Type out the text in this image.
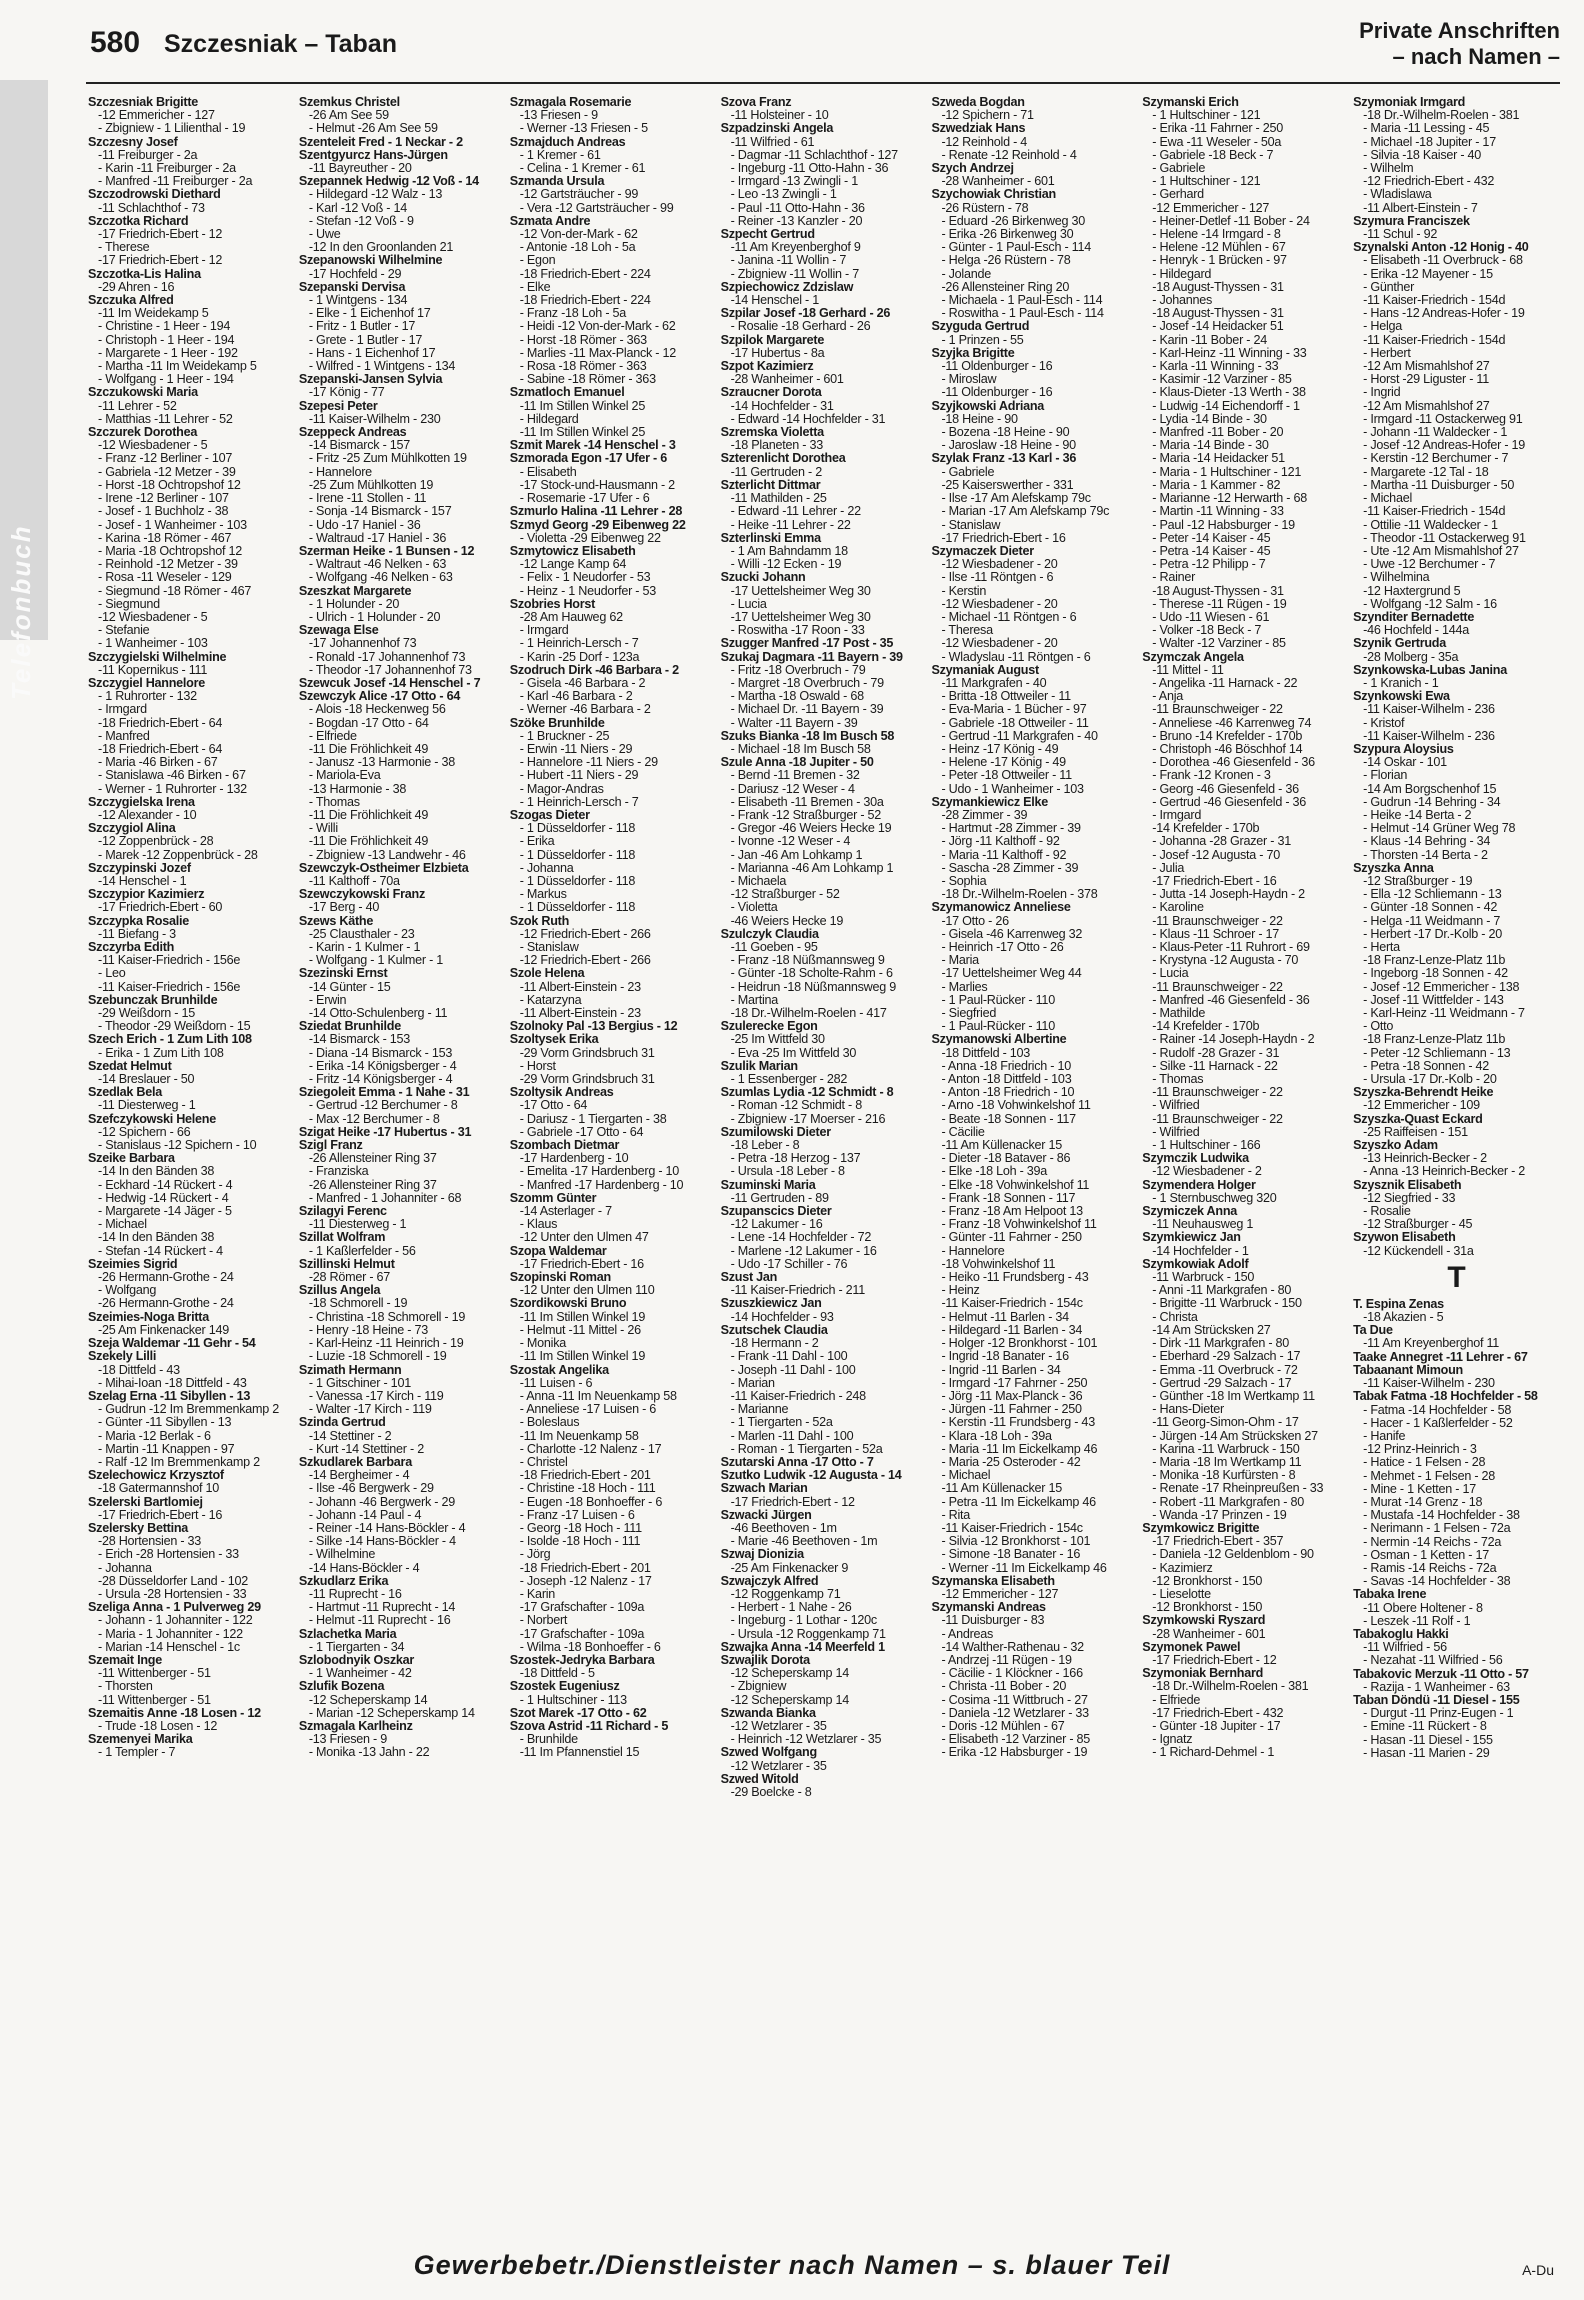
580 Szczesniak – Taban	Private Anschriften
– nach Namen –
Telefonbuch
Szczesniak Brigitte
-12 Emmericher - 127
- Zbigniew - 1 Lilienthal - 19
Szczesny Josef
-11 Freiburger - 2a
- Karin -11 Freiburger - 2a
- Manfred -11 Freiburger - 2a
Szczodrowski Diethard
-11 Schlachthof - 73
Szczotka Richard
-17 Friedrich-Ebert - 12
- Therese
-17 Friedrich-Ebert - 12
Szczotka-Lis Halina
-29 Ahren - 16
Szczuka Alfred
-11 Im Weidekamp 5
- Christine - 1 Heer - 194
- Christoph - 1 Heer - 194
- Margarete - 1 Heer - 192
- Martha -11 Im Weidekamp 5
- Wolfgang - 1 Heer - 194
Szczukowski Maria
-11 Lehrer - 52
- Matthias -11 Lehrer - 52
Szczurek Dorothea
-12 Wiesbadener - 5
- Franz -12 Berliner - 107
- Gabriela -12 Metzer - 39
- Horst -18 Ochtropshof 12
- Irene -12 Berliner - 107
- Josef - 1 Buchholz - 38
- Josef - 1 Wanheimer - 103
- Karina -18 Römer - 467
- Maria -18 Ochtropshof 12
- Reinhold -12 Metzer - 39
- Rosa -11 Weseler - 129
- Siegmund -18 Römer - 467
- Siegmund
-12 Wiesbadener - 5
- Stefanie
- 1 Wanheimer - 103
Szczygielski Wilhelmine
-11 Kopernikus - 111
Szczygiel Hannelore
- 1 Ruhrorter - 132
- Irmgard
-18 Friedrich-Ebert - 64
- Manfred
-18 Friedrich-Ebert - 64
- Maria -46 Birken - 67
- Stanislawa -46 Birken - 67
- Werner - 1 Ruhrorter - 132
Szczygielska Irena
-12 Alexander - 10
Szczygiol Alina
-12 Zoppenbrück - 28
- Marek -12 Zoppenbrück - 28
Szczypinski Jozef
-14 Henschel - 1
Szczypior Kazimierz
-17 Friedrich-Ebert - 60
Szczypka Rosalie
-11 Biefang - 3
Szczyrba Edith
-11 Kaiser-Friedrich - 156e
- Leo
-11 Kaiser-Friedrich - 156e
Szebunczak Brunhilde
-29 Weißdorn - 15
- Theodor -29 Weißdorn - 15
Szech Erich - 1 Zum Lith 108
- Erika - 1 Zum Lith 108
Szedat Helmut
-14 Breslauer - 50
Szedlak Bela
-11 Diesterweg - 1
Szefczykowski Helene
-12 Spichern - 66
- Stanislaus -12 Spichern - 10
Szeike Barbara
-14 In den Bänden 38
- Eckhard -14 Rückert - 4
- Hedwig -14 Rückert - 4
- Margarete -14 Jäger - 5
- Michael
-14 In den Bänden 38
- Stefan -14 Rückert - 4
Szeimies Sigrid
-26 Hermann-Grothe - 24
- Wolfgang
-26 Hermann-Grothe - 24
Szeimies-Noga Britta
-25 Am Finkenacker 149
Szeja Waldemar -11 Gehr - 54
Szekely Lilli
-18 Dittfeld - 43
- Mihai-Ioan -18 Dittfeld - 43
Szelag Erna -11 Sibyllen - 13
- Gudrun -12 Im Bremmenkamp 2
- Günter -11 Sibyllen - 13
- Maria -12 Berlak - 6
- Martin -11 Knappen - 97
- Ralf -12 Im Bremmenkamp 2
Szelechowicz Krzysztof
-18 Gatermannshof 10
Szelerski Bartlomiej
-17 Friedrich-Ebert - 16
Szelersky Bettina
-28 Hortensien - 33
- Erich -28 Hortensien - 33
- Johanna
-28 Düsseldorfer Land - 102
- Ursula -28 Hortensien - 33
Szeliga Anna - 1 Pulverweg 29
- Johann - 1 Johanniter - 122
- Maria - 1 Johanniter - 122
- Marian -14 Henschel - 1c
Szemait Inge
-11 Wittenberger - 51
- Thorsten
-11 Wittenberger - 51
Szemaitis Anne -18 Losen - 12
- Trude -18 Losen - 12
Szemenyei Marika
- 1 Templer - 7
Szemkus Christel
-26 Am See 59
- Helmut -26 Am See 59
Szenteleit Fred - 1 Neckar - 2
Szentgyurcz Hans-Jürgen
-11 Bayreuther - 20
Szepannek Hedwig -12 Voß - 14
- Hildegard -12 Walz - 13
- Karl -12 Voß - 14
- Stefan -12 Voß - 9
- Uwe
-12 In den Groonlanden 21
Szepanowski Wilhelmine
-17 Hochfeld - 29
Szepanski Dervisa
- 1 Wintgens - 134
- Elke - 1 Eichenhof 17
- Fritz - 1 Butler - 17
- Grete - 1 Butler - 17
- Hans - 1 Eichenhof 17
- Wilfred - 1 Wintgens - 134
Szepanski-Jansen Sylvia
-17 König - 77
Szepesi Peter
-11 Kaiser-Wilhelm - 230
Szeppeck Andreas
-14 Bismarck - 157
- Fritz -25 Zum Mühlkotten 19
- Hannelore
-25 Zum Mühlkotten 19
- Irene -11 Stollen - 11
- Sonja -14 Bismarck - 157
- Udo -17 Haniel - 36
- Waltraud -17 Haniel - 36
Szerman Heike - 1 Bunsen - 12
- Waltraut -46 Nelken - 63
- Wolfgang -46 Nelken - 63
Szeszkat Margarete
- 1 Holunder - 20
- Ulrich - 1 Holunder - 20
Szewaga Else
-17 Johannenhof 73
- Ronald -17 Johannenhof 73
- Theodor -17 Johannenhof 73
Szewcuk Josef -14 Henschel - 7
Szewczyk Alice -17 Otto - 64
- Alois -18 Heckenweg 56
- Bogdan -17 Otto - 64
- Elfriede
-11 Die Fröhlichkeit 49
- Janusz -13 Harmonie - 38
- Mariola-Eva
-13 Harmonie - 38
- Thomas
-11 Die Fröhlichkeit 49
- Willi
-11 Die Fröhlichkeit 49
- Zbigniew -13 Landwehr - 46
Szewczyk-Ostheimer Elzbieta
-11 Kalthoff - 70a
Szewczykowski Franz
-17 Berg - 40
Szews Käthe
-25 Clausthaler - 23
- Karin - 1 Kulmer - 1
- Wolfgang - 1 Kulmer - 1
Szezinski Ernst
-14 Günter - 15
- Erwin
-14 Otto-Schulenberg - 11
Sziedat Brunhilde
-14 Bismarck - 153
- Diana -14 Bismarck - 153
- Erika -14 Königsberger - 4
- Fritz -14 Königsberger - 4
Sziegoleit Emma - 1 Nahe - 31
- Gertrud -12 Berchumer - 8
- Max -12 Berchumer - 8
Szigat Heike -17 Hubertus - 31
Szigl Franz
-26 Allensteiner Ring 37
- Franziska
-26 Allensteiner Ring 37
- Manfred - 1 Johanniter - 68
Szilagyi Ferenc
-11 Diesterweg - 1
Szillat Wolfram
- 1 Kaßlerfelder - 56
Szillinski Helmut
-28 Römer - 67
Szillus Angela
-18 Schmorell - 19
- Christina -18 Schmorell - 19
- Henry -18 Heine - 73
- Karl-Heinz -11 Heinrich - 19
- Luzie -18 Schmorell - 19
Szimath Hermann
- 1 Gitschiner - 101
- Vanessa -17 Kirch - 119
- Walter -17 Kirch - 119
Szinda Gertrud
-14 Stettiner - 2
- Kurt -14 Stettiner - 2
Szkudlarek Barbara
-14 Bergheimer - 4
- Ilse -46 Bergwerk - 29
- Johann -46 Bergwerk - 29
- Johann -14 Paul - 4
- Reiner -14 Hans-Böckler - 4
- Silke -14 Hans-Böckler - 4
- Wilhelmine
-14 Hans-Böckler - 4
Szkudlarz Erika
-11 Ruprecht - 16
- Hartmut -11 Ruprecht - 14
- Helmut -11 Ruprecht - 16
Szlachetka Maria
- 1 Tiergarten - 34
Szlobodnyik Oszkar
- 1 Wanheimer - 42
Szlufik Bozena
-12 Scheperskamp 14
- Marian -12 Scheperskamp 14
Szmagala Karlheinz
-13 Friesen - 9
- Monika -13 Jahn - 22
Szmagala Rosemarie
-13 Friesen - 9
- Werner -13 Friesen - 5
Szmajduch Andreas
- 1 Kremer - 61
- Celina - 1 Kremer - 61
Szmanda Ursula
-12 Gartsträucher - 99
- Vera -12 Gartsträucher - 99
Szmata Andre
-12 Von-der-Mark - 62
- Antonie -18 Loh - 5a
- Egon
-18 Friedrich-Ebert - 224
- Elke
-18 Friedrich-Ebert - 224
- Franz -18 Loh - 5a
- Heidi -12 Von-der-Mark - 62
- Horst -18 Römer - 363
- Marlies -11 Max-Planck - 12
- Rosa -18 Römer - 363
- Sabine -18 Römer - 363
Szmatloch Emanuel
-11 Im Stillen Winkel 25
- Hildegard
-11 Im Stillen Winkel 25
Szmit Marek -14 Henschel - 3
Szmorada Egon -17 Ufer - 6
- Elisabeth
-17 Stock-und-Hausmann - 2
- Rosemarie -17 Ufer - 6
Szmurlo Halina -11 Lehrer - 28
Szmyd Georg -29 Eibenweg 22
- Violetta -29 Eibenweg 22
Szmytowicz Elisabeth
-12 Lange Kamp 64
- Felix - 1 Neudorfer - 53
- Heinz - 1 Neudorfer - 53
Szobries Horst
-28 Am Hauweg 62
- Irmgard
- 1 Heinrich-Lersch - 7
- Karin -25 Dorf - 123a
Szodruch Dirk -46 Barbara - 2
- Gisela -46 Barbara - 2
- Karl -46 Barbara - 2
- Werner -46 Barbara - 2
Szöke Brunhilde
- 1 Bruckner - 25
- Erwin -11 Niers - 29
- Hannelore -11 Niers - 29
- Hubert -11 Niers - 29
- Magor-Andras
- 1 Heinrich-Lersch - 7
Szogas Dieter
- 1 Düsseldorfer - 118
- Erika
- 1 Düsseldorfer - 118
- Johanna
- 1 Düsseldorfer - 118
- Markus
- 1 Düsseldorfer - 118
Szok Ruth
-12 Friedrich-Ebert - 266
- Stanislaw
-12 Friedrich-Ebert - 266
Szole Helena
-11 Albert-Einstein - 23
- Katarzyna
-11 Albert-Einstein - 23
Szolnoky Pal -13 Bergius - 12
Szoltysek Erika
-29 Vorm Grindsbruch 31
- Horst
-29 Vorm Grindsbruch 31
Szoltysik Andreas
-17 Otto - 64
- Dariusz - 1 Tiergarten - 38
- Gabriele -17 Otto - 64
Szombach Dietmar
-17 Hardenberg - 10
- Emelita -17 Hardenberg - 10
- Manfred -17 Hardenberg - 10
Szomm Günter
-14 Asterlager - 7
- Klaus
-12 Unter den Ulmen 47
Szopa Waldemar
-17 Friedrich-Ebert - 16
Szopinski Roman
-12 Unter den Ulmen 110
Szordikowski Bruno
-11 Im Stillen Winkel 19
- Helmut -11 Mittel - 26
- Monika
-11 Im Stillen Winkel 19
Szostak Angelika
-11 Luisen - 6
- Anna -11 Im Neuenkamp 58
- Anneliese -17 Luisen - 6
- Boleslaus
-11 Im Neuenkamp 58
- Charlotte -12 Nalenz - 17
- Christel
-18 Friedrich-Ebert - 201
- Christine -18 Hoch - 111
- Eugen -18 Bonhoeffer - 6
- Franz -17 Luisen - 6
- Georg -18 Hoch - 111
- Isolde -18 Hoch - 111
- Jörg
-18 Friedrich-Ebert - 201
- Joseph -12 Nalenz - 17
- Karin
-17 Grafschafter - 109a
- Norbert
-17 Grafschafter - 109a
- Wilma -18 Bonhoeffer - 6
Szostek-Jedryka Barbara
-18 Dittfeld - 5
Szostek Eugeniusz
- 1 Hultschiner - 113
Szot Marek -17 Otto - 62
Szova Astrid -11 Richard - 5
- Brunhilde
-11 Im Pfannenstiel 15
Szova Franz
-11 Holsteiner - 10
Szpadzinski Angela
-11 Wilfried - 61
- Dagmar -11 Schlachthof - 127
- Ingeburg -11 Otto-Hahn - 36
- Irmgard -13 Zwingli - 1
- Leo -13 Zwingli - 1
- Paul -11 Otto-Hahn - 36
- Reiner -13 Kanzler - 20
Szpecht Gertrud
-11 Am Kreyenberghof 9
- Janina -11 Wollin - 7
- Zbigniew -11 Wollin - 7
Szpiechowicz Zdzislaw
-14 Henschel - 1
Szpilar Josef -18 Gerhard - 26
- Rosalie -18 Gerhard - 26
Szpilok Margarete
-17 Hubertus - 8a
Szpot Kazimierz
-28 Wanheimer - 601
Szraucner Dorota
-14 Hochfelder - 31
- Edward -14 Hochfelder - 31
Szremska Violetta
-18 Planeten - 33
Szterenlicht Dorothea
-11 Gertruden - 2
Szterlicht Dittmar
-11 Mathilden - 25
- Edward -11 Lehrer - 22
- Heike -11 Lehrer - 22
Szterlinski Emma
- 1 Am Bahndamm 18
- Willi -12 Ecken - 19
Szucki Johann
-17 Uettelsheimer Weg 30
- Lucia
-17 Uettelsheimer Weg 30
- Roswitha -17 Roon - 33
Szugger Manfred -17 Post - 35
Szukaj Dagmara -11 Bayern - 39
- Fritz -18 Overbruch - 79
- Margret -18 Overbruch - 79
- Martha -18 Oswald - 68
- Michael Dr. -11 Bayern - 39
- Walter -11 Bayern - 39
Szuks Bianka -18 Im Busch 58
- Michael -18 Im Busch 58
Szule Anna -18 Jupiter - 50
- Bernd -11 Bremen - 32
- Dariusz -12 Weser - 4
- Elisabeth -11 Bremen - 30a
- Frank -12 Straßburger - 52
- Gregor -46 Weiers Hecke 19
- Ivonne -12 Weser - 4
- Jan -46 Am Lohkamp 1
- Marianna -46 Am Lohkamp 1
- Michaela
-12 Straßburger - 52
- Violetta
-46 Weiers Hecke 19
Szulczyk Claudia
-11 Goeben - 95
- Franz -18 Nüßmannsweg 9
- Günter -18 Scholte-Rahm - 6
- Heidrun -18 Nüßmannsweg 9
- Martina
-18 Dr.-Wilhelm-Roelen - 417
Szulerecke Egon
-25 Im Wittfeld 30
- Eva -25 Im Wittfeld 30
Szulik Marian
- 1 Essenberger - 282
Szumlas Lydia -12 Schmidt - 8
- Roman -12 Schmidt - 8
- Zbigniew -17 Moerser - 216
Szumilowski Dieter
-18 Leber - 8
- Petra -18 Herzog - 137
- Ursula -18 Leber - 8
Szuminski Maria
-11 Gertruden - 89
Szupanscics Dieter
-12 Lakumer - 16
- Lene -14 Hochfelder - 72
- Marlene -12 Lakumer - 16
- Udo -17 Schiller - 76
Szust Jan
-11 Kaiser-Friedrich - 211
Szuszkiewicz Jan
-14 Hochfelder - 93
Szutschek Claudia
-18 Hermann - 2
- Frank -11 Dahl - 100
- Joseph -11 Dahl - 100
- Marian
-11 Kaiser-Friedrich - 248
- Marianne
- 1 Tiergarten - 52a
- Marlen -11 Dahl - 100
- Roman - 1 Tiergarten - 52a
Szutarski Anna -17 Otto - 7
Szutko Ludwik -12 Augusta - 14
Szwach Marian
-17 Friedrich-Ebert - 12
Szwacki Jürgen
-46 Beethoven - 1m
- Marie -46 Beethoven - 1m
Szwaj Dionizia
-25 Am Finkenacker 9
Szwajczyk Alfred
-12 Roggenkamp 71
- Herbert - 1 Nahe - 26
- Ingeburg - 1 Lothar - 120c
- Ursula -12 Roggenkamp 71
Szwajka Anna -14 Meerfeld 1
Szwajlik Dorota
-12 Scheperskamp 14
- Zbigniew
-12 Scheperskamp 14
Szwanda Bianka
-12 Wetzlarer - 35
- Heinrich -12 Wetzlarer - 35
Szwed Wolfgang
-12 Wetzlarer - 35
Szwed Witold
-29 Boelcke - 8
Szweda Bogdan
-12 Spichern - 71
Szwedziak Hans
-12 Reinhold - 4
- Renate -12 Reinhold - 4
Szych Andrzej
-28 Wanheimer - 601
Szychowiak Christian
-26 Rüstern - 78
- Eduard -26 Birkenweg 30
- Erika -26 Birkenweg 30
- Günter - 1 Paul-Esch - 114
- Helga -26 Rüstern - 78
- Jolande
-26 Allensteiner Ring 20
- Michaela - 1 Paul-Esch - 114
- Roswitha - 1 Paul-Esch - 114
Szyguda Gertrud
- 1 Prinzen - 55
Szyjka Brigitte
-11 Oldenburger - 16
- Miroslaw
-11 Oldenburger - 16
Szyjkowski Adriana
-18 Heine - 90
- Bozena -18 Heine - 90
- Jaroslaw -18 Heine - 90
Szylak Franz -13 Karl - 36
- Gabriele
-25 Kaiserswerther - 331
- Ilse -17 Am Alefskamp 79c
- Marian -17 Am Alefskamp 79c
- Stanislaw
-17 Friedrich-Ebert - 16
Szymaczek Dieter
-12 Wiesbadener - 20
- Ilse -11 Röntgen - 6
- Kerstin
-12 Wiesbadener - 20
- Michael -11 Röntgen - 6
- Theresa
-12 Wiesbadener - 20
- Wladyslau -11 Röntgen - 6
Szymaniak August
-11 Markgrafen - 40
- Britta -18 Ottweiler - 11
- Eva-Maria - 1 Bücher - 97
- Gabriele -18 Ottweiler - 11
- Gertrud -11 Markgrafen - 40
- Heinz -17 König - 49
- Helene -17 König - 49
- Peter -18 Ottweiler - 11
- Udo - 1 Wanheimer - 103
Szymankiewicz Elke
-28 Zimmer - 39
- Hartmut -28 Zimmer - 39
- Jörg -11 Kalthoff - 92
- Maria -11 Kalthoff - 92
- Sascha -28 Zimmer - 39
- Sophia
-18 Dr.-Wilhelm-Roelen - 378
Szymanowicz Anneliese
-17 Otto - 26
- Gisela -46 Karrenweg 32
- Heinrich -17 Otto - 26
- Maria
-17 Uettelsheimer Weg 44
- Marlies
- 1 Paul-Rücker - 110
- Siegfried
- 1 Paul-Rücker - 110
Szymanowski Albertine
-18 Dittfeld - 103
- Anna -18 Friedrich - 10
- Anton -18 Dittfeld - 103
- Anton -18 Friedrich - 10
- Arno -18 Vohwinkelshof 11
- Beate -18 Sonnen - 117
- Cäcilie
-11 Am Küllenacker 15
- Dieter -18 Bataver - 86
- Elke -18 Loh - 39a
- Elke -18 Vohwinkelshof 11
- Frank -18 Sonnen - 117
- Franz -18 Am Helpoot 13
- Franz -18 Vohwinkelshof 11
- Günter -11 Fahrner - 250
- Hannelore
-18 Vohwinkelshof 11
- Heiko -11 Frundsberg - 43
- Heinz
-11 Kaiser-Friedrich - 154c
- Helmut -11 Barlen - 34
- Hildegard -11 Barlen - 34
- Holger -12 Bronkhorst - 101
- Ingrid -18 Banater - 16
- Ingrid -11 Barlen - 34
- Irmgard -17 Fahrner - 250
- Jörg -11 Max-Planck - 36
- Jürgen -11 Fahrner - 250
- Kerstin -11 Frundsberg - 43
- Klara -18 Loh - 39a
- Maria -11 Im Eickelkamp 46
- Maria -25 Osteroder - 42
- Michael
-11 Am Küllenacker 15
- Petra -11 Im Eickelkamp 46
- Rita
-11 Kaiser-Friedrich - 154c
- Silvia -12 Bronkhorst - 101
- Simone -18 Banater - 16
- Werner -11 Im Eickelkamp 46
Szymanska Elisabeth
-12 Emmericher - 127
Szymanski Andreas
-11 Duisburger - 83
- Andreas
-14 Walther-Rathenau - 32
- Andrzej -11 Rügen - 19
- Cäcilie - 1 Klöckner - 166
- Christa -11 Bober - 20
- Cosima -11 Wittbruch - 27
- Daniela -12 Wetzlarer - 33
- Doris -12 Mühlen - 67
- Elisabeth -12 Varziner - 85
- Erika -12 Habsburger - 19
Szymanski Erich
- 1 Hultschiner - 121
- Erika -11 Fahrner - 250
- Ewa -11 Weseler - 50a
- Gabriele -18 Beck - 7
- Gabriele
- 1 Hultschiner - 121
- Gerhard
-12 Emmericher - 127
- Heiner-Detlef -11 Bober - 24
- Helene -14 Irmgard - 8
- Helene -12 Mühlen - 67
- Henryk - 1 Brücken - 97
- Hildegard
-18 August-Thyssen - 31
- Johannes
-18 August-Thyssen - 31
- Josef -14 Heidacker 51
- Karin -11 Bober - 24
- Karl-Heinz -11 Winning - 33
- Karla -11 Winning - 33
- Kasimir -12 Varziner - 85
- Klaus-Dieter -13 Werth - 38
- Ludwig -14 Eichendorff - 1
- Lydia -14 Binde - 30
- Manfred -11 Bober - 20
- Maria -14 Binde - 30
- Maria -14 Heidacker 51
- Maria - 1 Hultschiner - 121
- Maria - 1 Kammer - 82
- Marianne -12 Herwarth - 68
- Martin -11 Winning - 33
- Paul -12 Habsburger - 19
- Peter -14 Kaiser - 45
- Petra -14 Kaiser - 45
- Petra -12 Philipp - 7
- Rainer
-18 August-Thyssen - 31
- Therese -11 Rügen - 19
- Udo -11 Wiesen - 61
- Volker -18 Beck - 7
- Walter -12 Varziner - 85
Szymczak Angela
-11 Mittel - 11
- Angelika -11 Harnack - 22
- Anja
-11 Braunschweiger - 22
- Anneliese -46 Karrenweg 74
- Bruno -14 Krefelder - 170b
- Christoph -46 Böschhof 14
- Dorothea -46 Giesenfeld - 36
- Frank -12 Kronen - 3
- Georg -46 Giesenfeld - 36
- Gertrud -46 Giesenfeld - 36
- Irmgard
-14 Krefelder - 170b
- Johanna -28 Grazer - 31
- Josef -12 Augusta - 70
- Julia
-17 Friedrich-Ebert - 16
- Jutta -14 Joseph-Haydn - 2
- Karoline
-11 Braunschweiger - 22
- Klaus -11 Schroer - 17
- Klaus-Peter -11 Ruhrort - 69
- Krystyna -12 Augusta - 70
- Lucia
-11 Braunschweiger - 22
- Manfred -46 Giesenfeld - 36
- Mathilde
-14 Krefelder - 170b
- Rainer -14 Joseph-Haydn - 2
- Rudolf -28 Grazer - 31
- Silke -11 Harnack - 22
- Thomas
-11 Braunschweiger - 22
- Wilfried
-11 Braunschweiger - 22
- Wilfried
- 1 Hultschiner - 166
Szymczik Ludwika
-12 Wiesbadener - 2
Szymendera Holger
- 1 Sternbuschweg 320
Szymiczek Anna
-11 Neuhausweg 1
Szymkiewicz Jan
-14 Hochfelder - 1
Szymkowiak Adolf
-11 Warbruck - 150
- Anni -11 Markgrafen - 80
- Brigitte -11 Warbruck - 150
- Christa
-14 Am Strücksken 27
- Dirk -11 Markgrafen - 80
- Eberhard -29 Salzach - 17
- Emma -11 Overbruck - 72
- Gertrud -29 Salzach - 17
- Günther -18 Im Wertkamp 11
- Hans-Dieter
-11 Georg-Simon-Ohm - 17
- Jürgen -14 Am Strücksken 27
- Karina -11 Warbruck - 150
- Maria -18 Im Wertkamp 11
- Monika -18 Kurfürsten - 8
- Renate -17 Rheinpreußen - 33
- Robert -11 Markgrafen - 80
- Wanda -17 Prinzen - 19
Szymkowicz Brigitte
-17 Friedrich-Ebert - 357
- Daniela -12 Geldenblom - 90
- Kazimierz
-12 Bronkhorst - 150
- Lieselotte
-12 Bronkhorst - 150
Szymkowski Ryszard
-28 Wanheimer - 601
Szymonek Pawel
-17 Friedrich-Ebert - 12
Szymoniak Bernhard
-18 Dr.-Wilhelm-Roelen - 381
- Elfriede
-17 Friedrich-Ebert - 432
- Günter -18 Jupiter - 17
- Ignatz
- 1 Richard-Dehmel - 1
Szymoniak Irmgard
-18 Dr.-Wilhelm-Roelen - 381
- Maria -11 Lessing - 45
- Michael -18 Jupiter - 17
- Silvia -18 Kaiser - 40
- Wilhelm
-12 Friedrich-Ebert - 432
- Wladislawa
-11 Albert-Einstein - 7
Szymura Franciszek
-11 Schul - 92
Szynalski Anton -12 Honig - 40
- Elisabeth -11 Overbruck - 68
- Erika -12 Mayener - 15
- Günther
-11 Kaiser-Friedrich - 154d
- Hans -12 Andreas-Hofer - 19
- Helga
-11 Kaiser-Friedrich - 154d
- Herbert
-12 Am Mismahlshof 27
- Horst -29 Liguster - 11
- Ingrid
-12 Am Mismahlshof 27
- Irmgard -11 Ostackerweg 91
- Johann -11 Waldecker - 1
- Josef -12 Andreas-Hofer - 19
- Kerstin -12 Berchumer - 7
- Margarete -12 Tal - 18
- Martha -11 Duisburger - 50
- Michael
-11 Kaiser-Friedrich - 154d
- Ottilie -11 Waldecker - 1
- Theodor -11 Ostackerweg 91
- Ute -12 Am Mismahlshof 27
- Uwe -12 Berchumer - 7
- Wilhelmina
-12 Haxtergrund 5
- Wolfgang -12 Salm - 16
Szynditer Bernadette
-46 Hochfeld - 144a
Szynik Gertruda
-28 Molberg - 35a
Szynkowska-Lubas Janina
- 1 Kranich - 1
Szynkowski Ewa
-11 Kaiser-Wilhelm - 236
- Kristof
-11 Kaiser-Wilhelm - 236
Szypura Aloysius
-14 Oskar - 101
- Florian
-14 Am Borgschenhof 15
- Gudrun -14 Behring - 34
- Heike -14 Berta - 2
- Helmut -14 Grüner Weg 78
- Klaus -14 Behring - 34
- Thorsten -14 Berta - 2
Szyszka Anna
-12 Straßburger - 19
- Ella -12 Schliemann - 13
- Günter -18 Sonnen - 42
- Helga -11 Weidmann - 7
- Herbert -17 Dr.-Kolb - 20
- Herta
-18 Franz-Lenze-Platz 11b
- Ingeborg -18 Sonnen - 42
- Josef -12 Emmericher - 138
- Josef -11 Wittfelder - 143
- Karl-Heinz -11 Weidmann - 7
- Otto
-18 Franz-Lenze-Platz 11b
- Peter -12 Schliemann - 13
- Petra -18 Sonnen - 42
- Ursula -17 Dr.-Kolb - 20
Szyszka-Behrendt Heike
-12 Emmericher - 109
Szyszka-Quast Eckard
-25 Raiffeisen - 151
Szyszko Adam
-13 Heinrich-Becker - 2
- Anna -13 Heinrich-Becker - 2
Szysznik Elisabeth
-12 Siegfried - 33
- Rosalie
-12 Straßburger - 45
Szywon Elisabeth
-12 Kückendell - 31a
T
T. Espina Zenas
-18 Akazien - 5
Ta Due
-11 Am Kreyenberghof 11
Taake Annegret -11 Lehrer - 67
Tabaanant Mimoun
-11 Kaiser-Wilhelm - 230
Tabak Fatma -18 Hochfelder - 58
- Fatma -14 Hochfelder - 58
- Hacer - 1 Kaßlerfelder - 52
- Hanife
-12 Prinz-Heinrich - 3
- Hatice - 1 Felsen - 28
- Mehmet - 1 Felsen - 28
- Mine - 1 Ketten - 17
- Murat -14 Grenz - 18
- Mustafa -14 Hochfelder - 38
- Nerimann - 1 Felsen - 72a
- Nermin -14 Reichs - 72a
- Osman - 1 Ketten - 17
- Ramis -14 Reichs - 72a
- Savas -14 Hochfelder - 38
Tabaka Irene
-11 Obere Holtener - 8
- Leszek -11 Rolf - 1
Tabakoglu Hakki
-11 Wilfried - 56
- Nezahat -11 Wilfried - 56
Tabakovic Merzuk -11 Otto - 57
- Razija - 1 Wanheimer - 63
Taban Döndü -11 Diesel - 155
- Durgut -11 Prinz-Eugen - 1
- Emine -11 Rückert - 8
- Hasan -11 Diesel - 155
- Hasan -11 Marien - 29
Gewerbebetr./Dienstleister nach Namen – s. blauer Teil	A-Du
